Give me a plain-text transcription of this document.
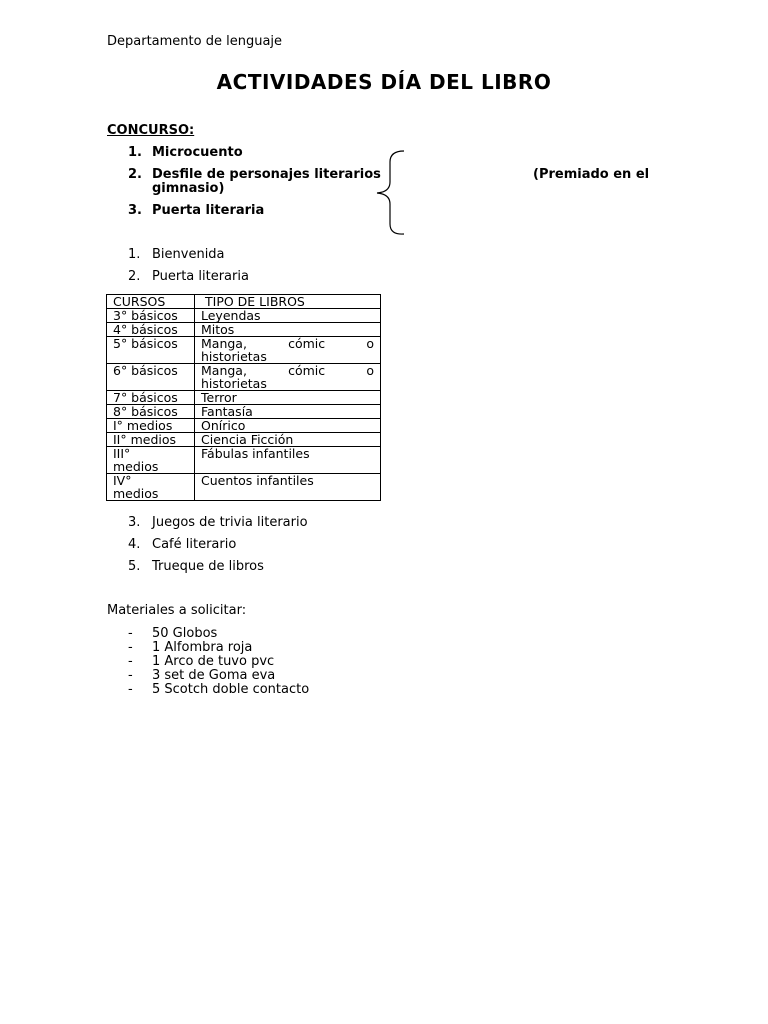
Departamento de lenguaje
ACTIVIDADES DÍA DEL LIBRO
CONCURSO:
1. Microcuento
2. Desfile de personajes literarios
gimnasio)
3. Puerta literaria
(Premiado en el
1. Bienvenida
2. Puerta literaria
CURSOS	TIPO DE LIBROS
3° básicos	Leyendas
4° básicos	Mitos
5° básicos	Manga, cómic o
historietas

6° básicos	Manga, cómic o
historietas

7° básicos	Terror
8° básicos	Fantasía
I° medios	Onírico
II° medios	Ciencia Ficción

III°
medios	Fábulas infantiles

IV°
medios	Cuentos infantiles
3. Juegos de trivia literario
4. Café literario
5. Trueque de libros
Materiales a solicitar:
- 50 Globos
- 1 Alfombra roja
- 1 Arco de tuvo pvc
- 3 set de Goma eva
- 5 Scotch doble contacto
